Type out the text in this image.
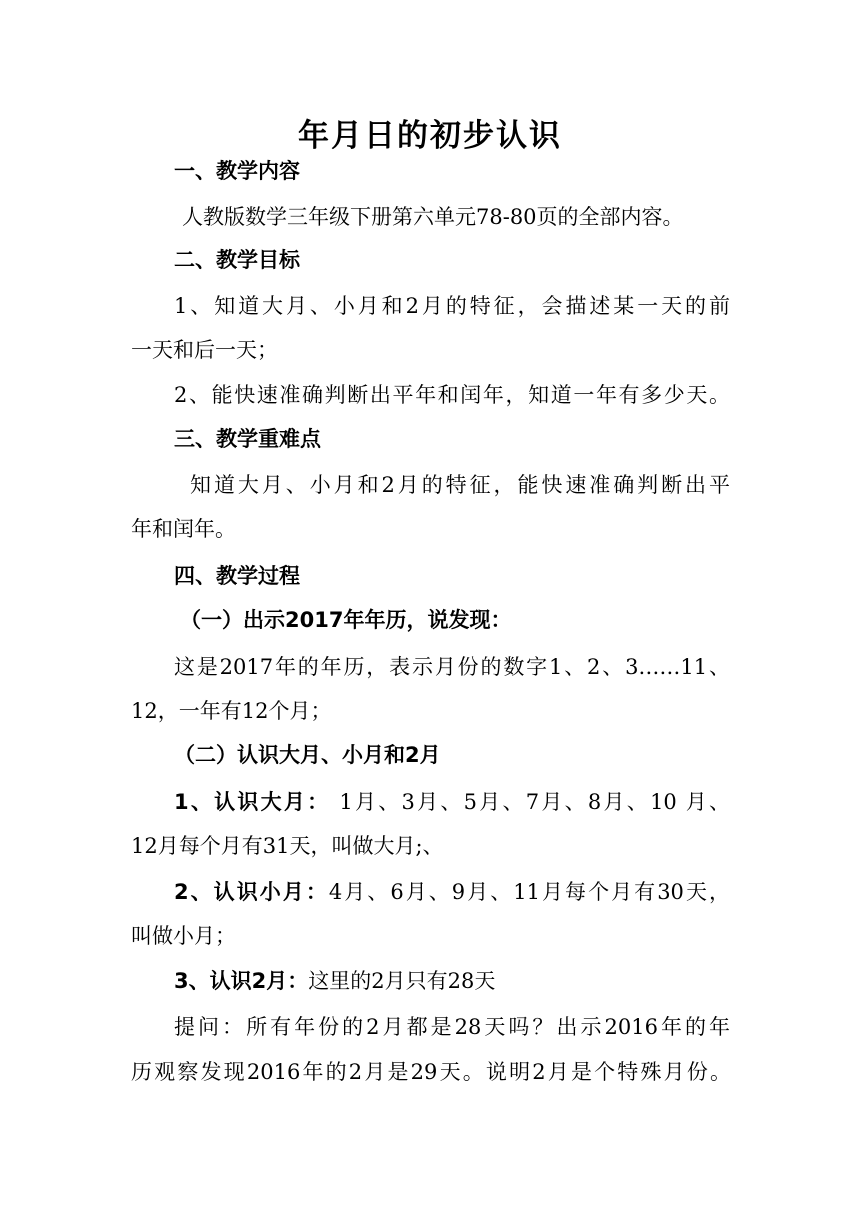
年月日的初步认识
一、教学内容
人教版数学三年级下册第六单元78-80页的全部内容。
二、教学目标
1、知道大月、小月和2月的特征，会描述某一天的前
一天和后一天；
2、能快速准确判断出平年和闰年，知道一年有多少天。
三、教学重难点
知道大月、小月和2月的特征，能快速准确判断出平
年和闰年。
四、教学过程
（一）出示2017年年历，说发现：
这是2017年的年历，表示月份的数字1、2、3……11、
12，一年有12个月；
（二）认识大月、小月和2月
1、认识大月： 1月、3月、5月、7月、8月、10 月、
12月每个月有31天，叫做大月;、
2、认识小月：4月、6月、9月、11月每个月有30天，
叫做小月；
3、认识2月：这里的2月只有28天
提问：所有年份的2月都是28天吗？出示2016年的年
历观察发现2016年的2月是29天。说明2月是个特殊月份。
